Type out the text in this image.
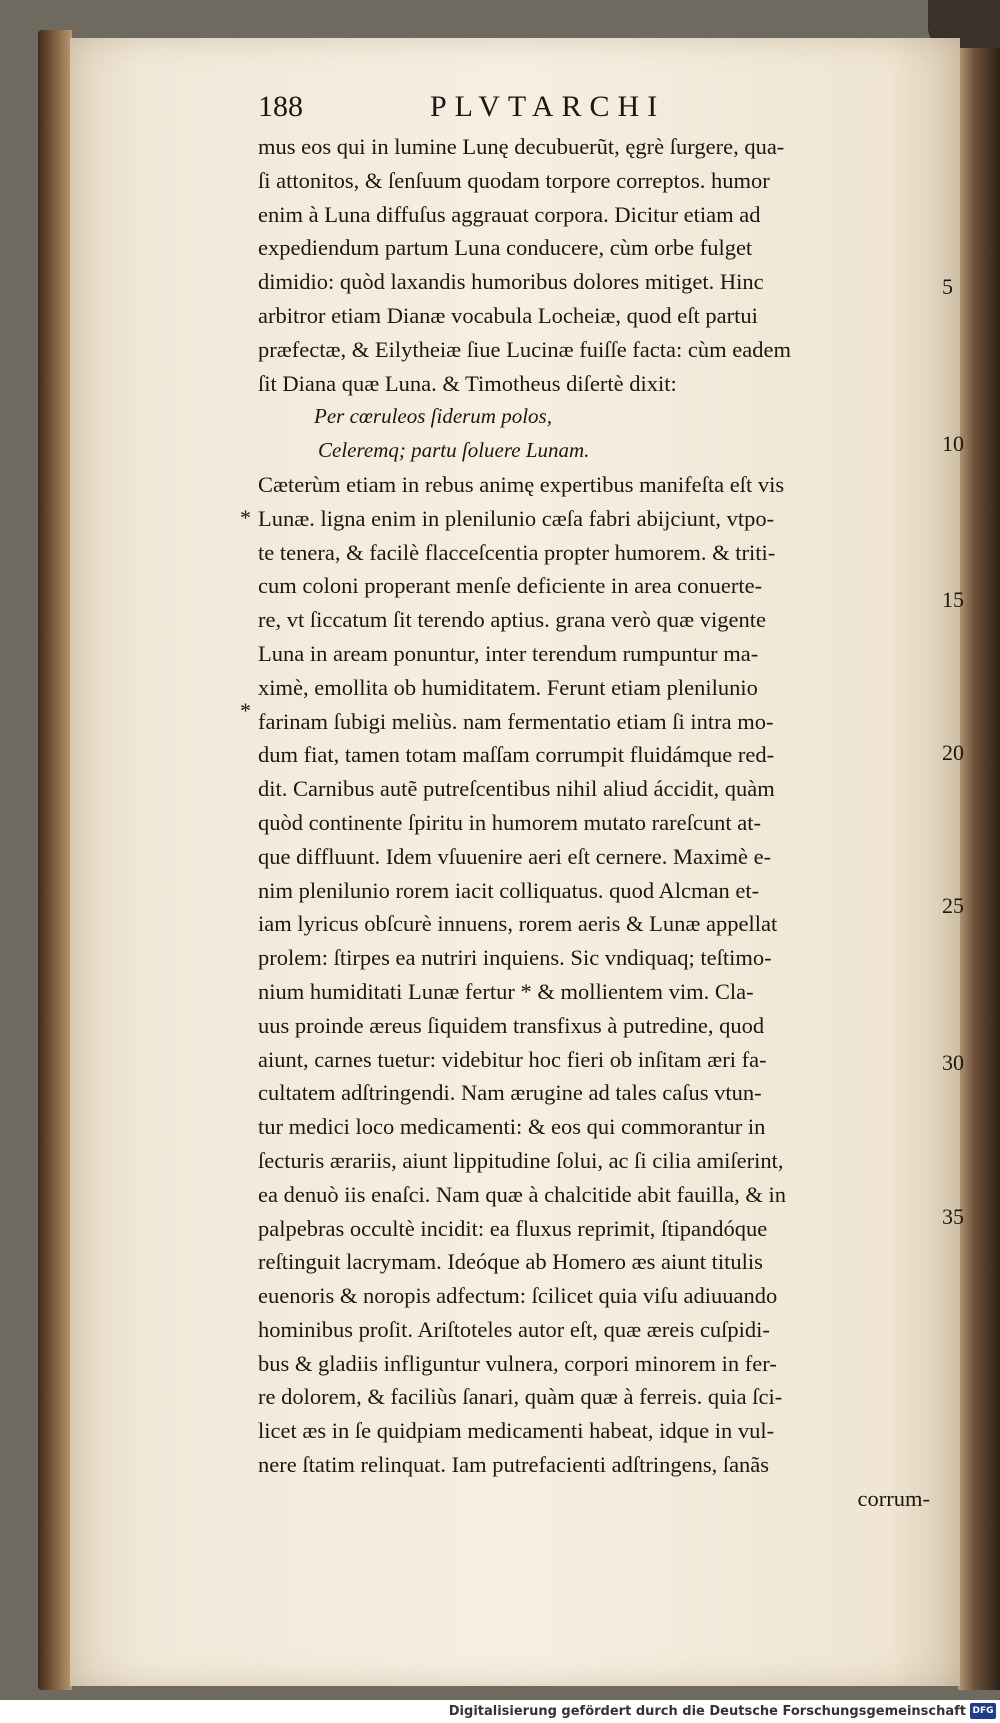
188	PLVTARCHI
mus eos qui in lumine Lunę decubuerũt, ęgrè ſurgere, qua-
ſi attonitos, & ſenſuum quodam torpore correptos. humor
enim à Luna diffuſus aggrauat corpora. Dicitur etiam ad
expediendum partum Luna conducere, cùm orbe fulget
dimidio: quòd laxandis humoribus dolores mitiget. Hinc
arbitror etiam Dianæ vocabula Locheiæ, quod eſt partui
præfectæ, & Eilytheiæ ſiue Lucinæ fuiſſe facta: cùm eadem
ſit Diana quæ Luna. & Timotheus diſertè dixit:
Per cœruleos ſiderum polos,
Celeremq; partu ſoluere Lunam.
Cæterùm etiam in rebus animę expertibus manifeſta eſt vis
Lunæ. ligna enim in plenilunio cæſa fabri abijciunt, vtpo-
te tenera, & facilè flacceſcentia propter humorem. & triti-
cum coloni properant menſe deficiente in area conuerte-
re, vt ſiccatum ſit terendo aptius. grana verò quæ vigente
Luna in aream ponuntur, inter terendum rumpuntur ma-
ximè, emollita ob humiditatem. Ferunt etiam plenilunio
farinam ſubigi meliùs. nam fermentatio etiam ſi intra mo-
dum fiat, tamen totam maſſam corrumpit fluidámque red-
dit. Carnibus autẽ putreſcentibus nihil aliud áccidit, quàm
quòd continente ſpiritu in humorem mutato rareſcunt at-
que diffluunt. Idem vſuuenire aeri eſt cernere. Maximè e-
nim plenilunio rorem iacit colliquatus. quod Alcman et-
iam lyricus obſcurè innuens, rorem aeris & Lunæ appellat
prolem: ſtirpes ea nutriri inquiens. Sic vndiquaq; teſtimo-
nium humiditati Lunæ fertur * & mollientem vim. Cla-
uus proinde æreus ſiquidem transfixus à putredine, quod
aiunt, carnes tuetur: videbitur hoc fieri ob inſitam æri fa-
cultatem adſtringendi. Nam ærugine ad tales caſus vtun-
tur medici loco medicamenti: & eos qui commorantur in
ſecturis ærariis, aiunt lippitudine ſolui, ac ſi cilia amiſerint,
ea denuò iis enaſci. Nam quæ à chalcitide abit fauilla, & in
palpebras occultè incidit: ea fluxus reprimit, ſtipandóque
reſtinguit lacrymam. Ideóque ab Homero æs aiunt titulis
euenoris & noropis adfectum: ſcilicet quia viſu adiuuando
hominibus proſit. Ariſtoteles autor eſt, quæ æreis cuſpidi-
bus & gladiis infliguntur vulnera, corpori minorem in fer-
re dolorem, & faciliùs ſanari, quàm quæ à ferreis. quia ſci-
licet æs in ſe quidpiam medicamenti habeat, idque in vul-
nere ſtatim relinquat. Iam putrefacienti adſtringens, ſanãs
corrum-
5
10
15
20
25
30
35
*
*
Digitalisierung gefördert durch die Deutsche Forschungsgemeinschaft DFG
